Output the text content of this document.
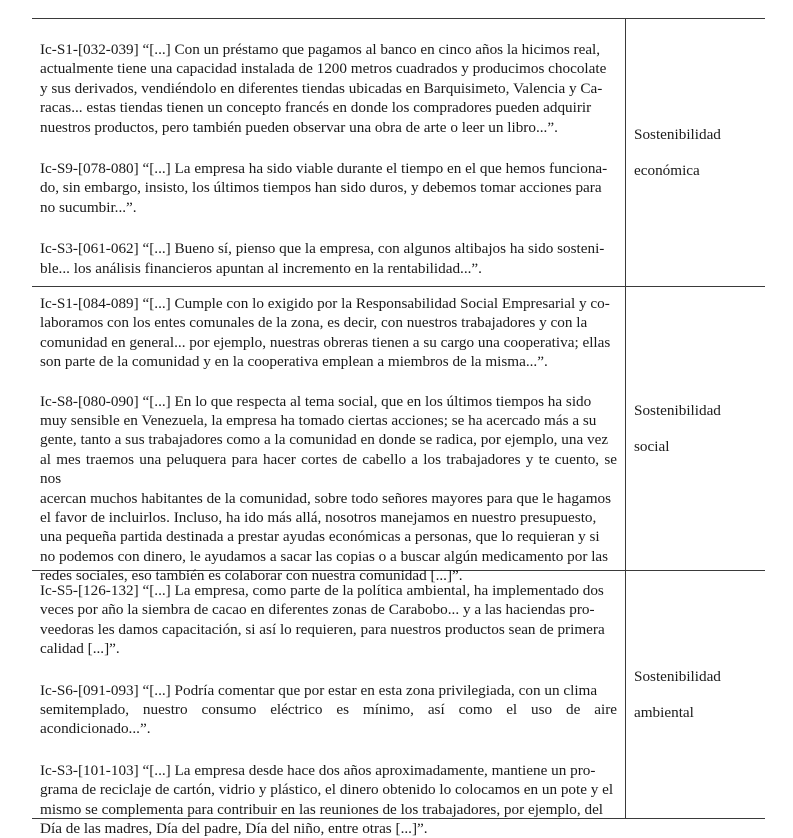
Ic-S1-[032-039] “[...] Con un préstamo que pagamos al banco en cinco años la hicimos real,
actualmente tiene una capacidad instalada de 1200 metros cuadrados y producimos chocolate
y sus derivados, vendiéndolo en diferentes tiendas ubicadas en Barquisimeto, Valencia y Ca-
racas... estas tiendas tienen un concepto francés en donde los compradores pueden adquirir
nuestros productos, pero también pueden observar una obra de arte o leer un libro...”.

Ic-S9-[078-080] “[...] La empresa ha sido viable durante el tiempo en el que hemos funciona-
do, sin embargo, insisto, los últimos tiempos han sido duros, y debemos tomar acciones para
no sucumbir...”.

Ic-S3-[061-062] “[...] Bueno sí, pienso que la empresa, con algunos altibajos ha sido sosteni-
ble... los análisis financieros apuntan al incremento en la rentabilidad...”.

Sostenibilidad
económica

Ic-S1-[084-089] “[...] Cumple con lo exigido por la Responsabilidad Social Empresarial y co-
laboramos con los entes comunales de la zona, es decir, con nuestros trabajadores y con la
comunidad en general... por ejemplo, nuestras obreras tienen a su cargo una cooperativa; ellas
son parte de la comunidad y en la cooperativa emplean a miembros de la misma...”.

Ic-S8-[080-090] “[...] En lo que respecta al tema social, que en los últimos tiempos ha sido
muy sensible en Venezuela, la empresa ha tomado ciertas acciones; se ha acercado más a su
gente, tanto a sus trabajadores como a la comunidad en donde se radica, por ejemplo, una vez
al mes traemos una peluquera para hacer cortes de cabello a los trabajadores y te cuento, se nos
acercan muchos habitantes de la comunidad, sobre todo señores mayores para que le hagamos
el favor de incluirlos. Incluso, ha ido más allá, nosotros manejamos en nuestro presupuesto,
una pequeña partida destinada a prestar ayudas económicas a personas, que lo requieran y si
no podemos con dinero, le ayudamos a sacar las copias o a buscar algún medicamento por las
redes sociales, eso también es colaborar con nuestra comunidad [...]”.

Sostenibilidad
social

Ic-S5-[126-132] “[...] La empresa, como parte de la política ambiental, ha implementado dos
veces por año la siembra de cacao en diferentes zonas de Carabobo... y a las haciendas pro-
veedoras les damos capacitación, si así lo requieren, para nuestros productos sean de primera
calidad [...]”.

Ic-S6-[091-093] “[...] Podría comentar que por estar en esta zona privilegiada, con un clima
semitemplado, nuestro consumo eléctrico es mínimo, así como el uso de aire acondicionado...”.

Ic-S3-[101-103] “[...] La empresa desde hace dos años aproximadamente, mantiene un pro-
grama de reciclaje de cartón, vidrio y plástico, el dinero obtenido lo colocamos en un pote y el
mismo se complementa para contribuir en las reuniones de los trabajadores, por ejemplo, del
Día de las madres, Día del padre, Día del niño, entre otras [...]”.

Sostenibilidad
ambiental
